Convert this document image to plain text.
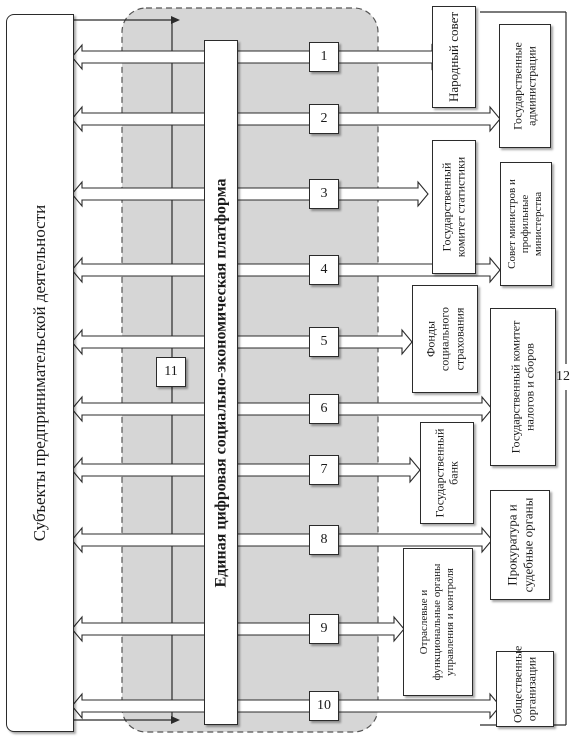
Субъекты предпринимательской деятельности	Единая цифровая социально-экономическая платформа
11	12
1
2
3
4
5
6
7
8
9
10
Народный совет	Государственные администрации
Государственный комитет статистики	Совет министров и профильные министерства
Фонды социального страхования	Государственный комитет налогов и сборов
Государственный банк
Прокуратура и судебные органы
Отраслевые и функциональные органы управления и контроля
Общественные организации
